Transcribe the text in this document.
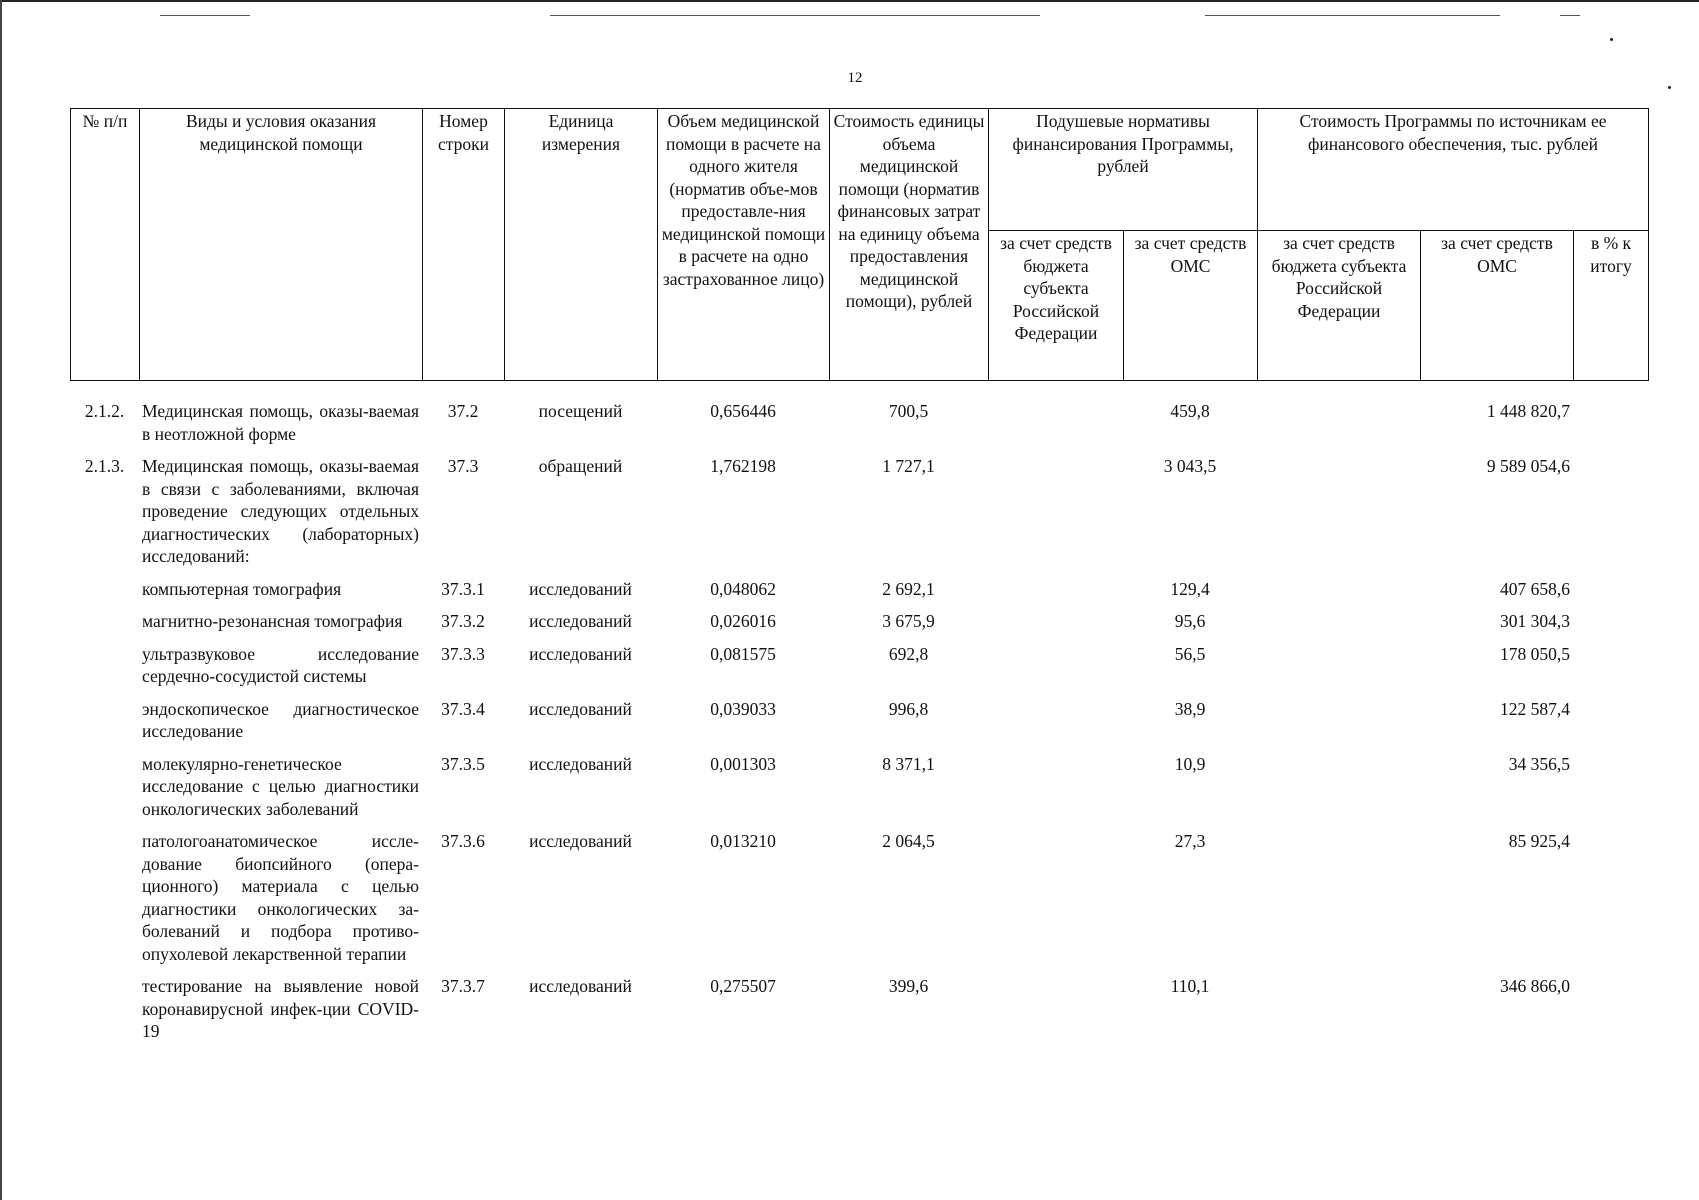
12
№ п/п	Виды и условия оказания медицинской помощи	Номер строки	Единица измерения	Объем медицинской помощи в расчете на одного жителя (норматив объе-мов предоставле-ния медицинской помощи в расчете на одно застрахованное лицо)	Стоимость единицы объема медицинской помощи (норматив финансовых затрат на единицу объема предоставления медицинской помощи), рублей	Подушевые нормативы финансирования Программы, рублей		Стоимость Программы по источникам ее финансового обеспечения, тыс. рублей		
						за счет средств бюджета субъекта Российской Федерации	за счет средств ОМС	за счет средств бюджета субъекта Российской Федерации	за счет средств ОМС	в % к итогу
2.1.2.	Медицинская помощь, оказы-ваемая в неотложной форме	37.2	посещений	0,656446	700,5		459,8		1 448 820,7	
2.1.3.	Медицинская помощь, оказы-ваемая в связи с заболеваниями, включая проведение следующих отдельных диагностических (лабораторных) исследований:	37.3	обращений	1,762198	1 727,1		3 043,5		9 589 054,6	
	компьютерная томография	37.3.1	исследований	0,048062	2 692,1		129,4		407 658,6	
	магнитно-резонансная томография	37.3.2	исследований	0,026016	3 675,9		95,6		301 304,3	
	ультразвуковое исследование сердечно-сосудистой системы	37.3.3	исследований	0,081575	692,8		56,5		178 050,5	
	эндоскопическое диагностическое исследование	37.3.4	исследований	0,039033	996,8		38,9		122 587,4	
	молекулярно-генетическое исследование с целью диагностики онкологических заболеваний	37.3.5	исследований	0,001303	8 371,1		10,9		34 356,5	
	патологоанатомическое иссле-дование биопсийного (опера-ционного) материала с целью диагностики онкологических за-болеваний и подбора противо-опухолевой лекарственной терапии	37.3.6	исследований	0,013210	2 064,5		27,3		85 925,4	
	тестирование на выявление новой коронавирусной инфек-ции COVID-19	37.3.7	исследований	0,275507	399,6		110,1		346 866,0	
